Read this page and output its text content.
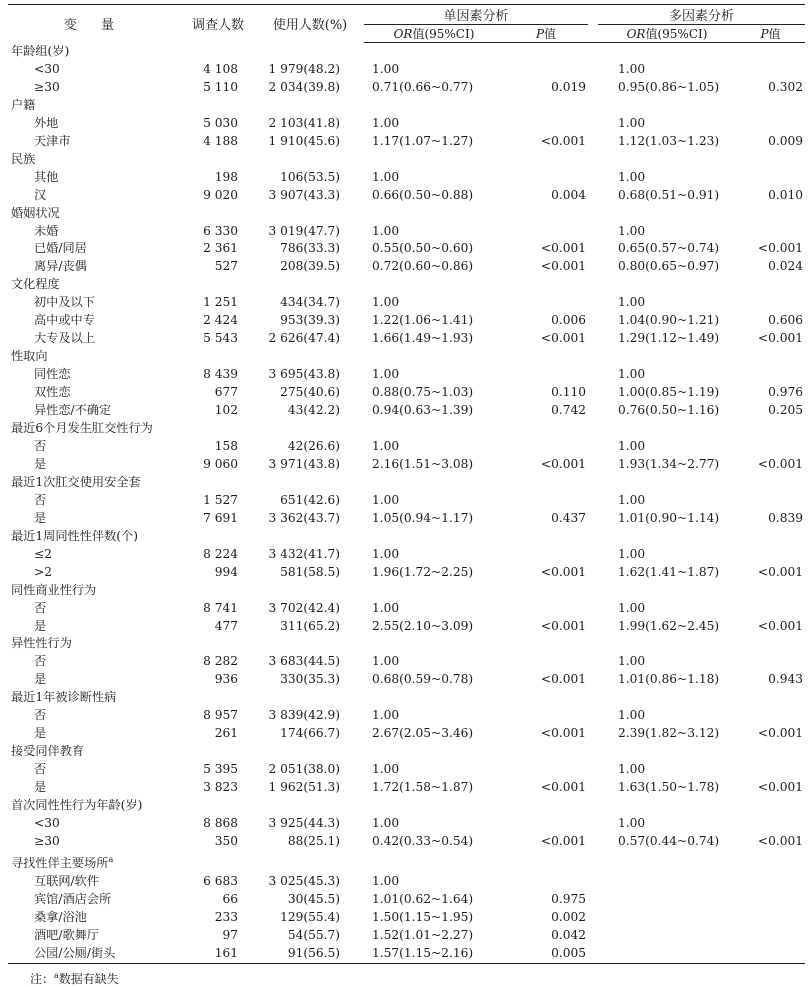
变 量	调查人数	使用人数(%)	单因素分析			多因素分析	
			OR值(95%CI)	P值		OR值(95%CI)	P值
年龄组(岁)							
<30	4 108	1 979(48.2)	1.00			1.00	
≥30	5 110	2 034(39.8)	0.71(0.66~0.77)	0.019		0.95(0.86~1.05)	0.302
户籍							
外地	5 030	2 103(41.8)	1.00			1.00	
天津市	4 188	1 910(45.6)	1.17(1.07~1.27)	<0.001		1.12(1.03~1.23)	0.009
民族							
其他	198	106(53.5)	1.00			1.00	
汉	9 020	3 907(43.3)	0.66(0.50~0.88)	0.004		0.68(0.51~0.91)	0.010
婚姻状况							
未婚	6 330	3 019(47.7)	1.00			1.00	
已婚/同居	2 361	786(33.3)	0.55(0.50~0.60)	<0.001		0.65(0.57~0.74)	<0.001
离异/丧偶	527	208(39.5)	0.72(0.60~0.86)	<0.001		0.80(0.65~0.97)	0.024
文化程度							
初中及以下	1 251	434(34.7)	1.00			1.00	
高中或中专	2 424	953(39.3)	1.22(1.06~1.41)	0.006		1.04(0.90~1.21)	0.606
大专及以上	5 543	2 626(47.4)	1.66(1.49~1.93)	<0.001		1.29(1.12~1.49)	<0.001
性取向							
同性恋	8 439	3 695(43.8)	1.00			1.00	
双性恋	677	275(40.6)	0.88(0.75~1.03)	0.110		1.00(0.85~1.19)	0.976
异性恋/不确定	102	43(42.2)	0.94(0.63~1.39)	0.742		0.76(0.50~1.16)	0.205
最近6个月发生肛交性行为							
否	158	42(26.6)	1.00			1.00	
是	9 060	3 971(43.8)	2.16(1.51~3.08)	<0.001		1.93(1.34~2.77)	<0.001
最近1次肛交使用安全套							
否	1 527	651(42.6)	1.00			1.00	
是	7 691	3 362(43.7)	1.05(0.94~1.17)	0.437		1.01(0.90~1.14)	0.839
最近1周同性性伴数(个)							
≤2	8 224	3 432(41.7)	1.00			1.00	
>2	994	581(58.5)	1.96(1.72~2.25)	<0.001		1.62(1.41~1.87)	<0.001
同性商业性行为							
否	8 741	3 702(42.4)	1.00			1.00	
是	477	311(65.2)	2.55(2.10~3.09)	<0.001		1.99(1.62~2.45)	<0.001
异性性行为							
否	8 282	3 683(44.5)	1.00			1.00	
是	936	330(35.3)	0.68(0.59~0.78)	<0.001		1.01(0.86~1.18)	0.943
最近1年被诊断性病							
否	8 957	3 839(42.9)	1.00			1.00	
是	261	174(66.7)	2.67(2.05~3.46)	<0.001		2.39(1.82~3.12)	<0.001
接受同伴教育							
否	5 395	2 051(38.0)	1.00			1.00	
是	3 823	1 962(51.3)	1.72(1.58~1.87)	<0.001		1.63(1.50~1.78)	<0.001
首次同性性行为年龄(岁)							
<30	8 868	3 925(44.3)	1.00			1.00	
≥30	350	88(25.1)	0.42(0.33~0.54)	<0.001		0.57(0.44~0.74)	<0.001
寻找性伴主要场所$^a$
互联网/软件	6 683	3 025(45.3)	1.00				
宾馆/酒店会所	66	30(45.5)	1.01(0.62~1.64)	0.975			
桑拿/浴池	233	129(55.4)	1.50(1.15~1.95)	0.002			
酒吧/歌舞厅	97	54(55.7)	1.52(1.01~2.27)	0.042			
公园/公厕/街头	161	91(56.5)	1.57(1.15~2.16)	0.005			
注：$^a$数据有缺失
